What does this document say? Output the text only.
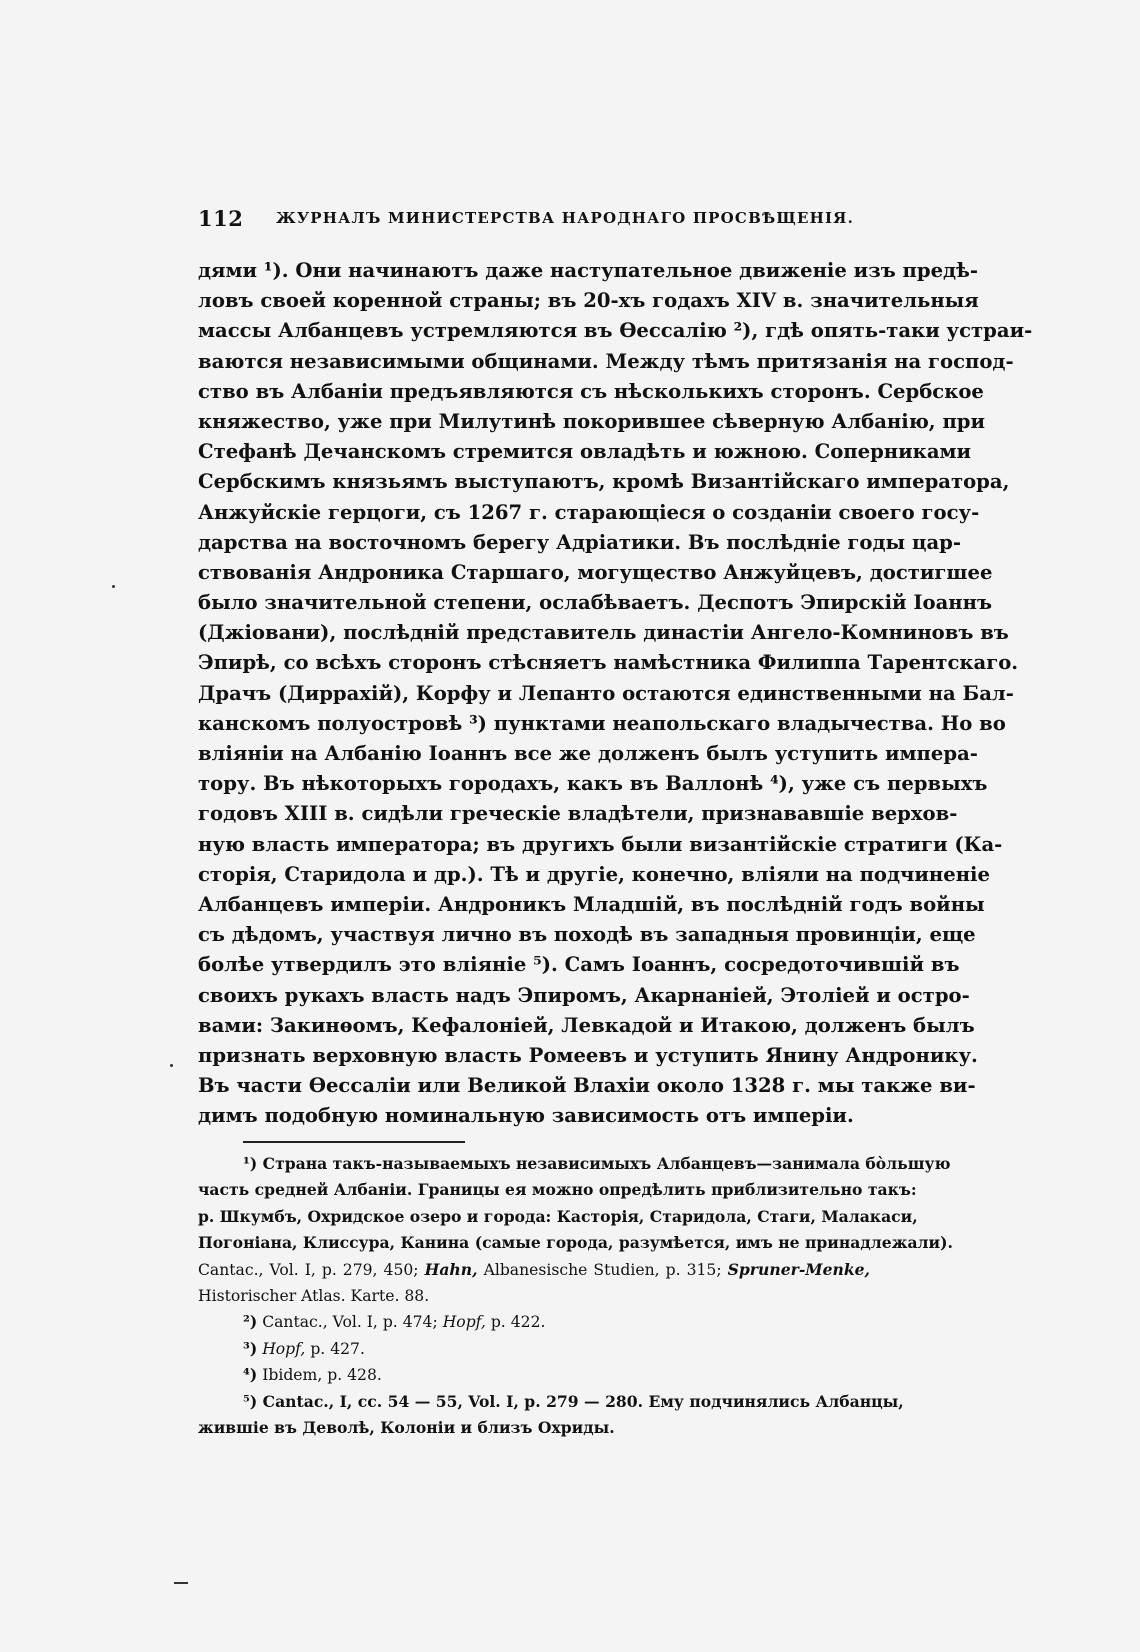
112 ЖУРНАЛЪ МИНИСТЕРСТВА НАРОДНАГО ПРОСВѢЩЕНІЯ.
дями ¹). Они начинаютъ даже наступательное движеніе изъ предѣ-
ловъ своей коренной страны; въ 20-хъ годахъ XIV в. значительныя
массы Албанцевъ устремляются въ Ѳессалію ²), гдѣ опять-таки устраи-
ваются независимыми общинами. Между тѣмъ притязанія на господ-
ство въ Албаніи предъявляются съ нѣсколькихъ сторонъ. Сербское
княжество, уже при Милутинѣ покорившее сѣверную Албанію, при
Стефанѣ Дечанскомъ стремится овладѣть и южною. Соперниками
Сербскимъ князьямъ выступаютъ, кромѣ Византійскаго императора,
Анжуйскіе герцоги, съ 1267 г. старающіеся о созданіи своего госу-
дарства на восточномъ берегу Адріатики. Въ послѣдніе годы цар-
ствованія Андроника Старшаго, могущество Анжуйцевъ, достигшее
было значительной степени, ослабѣваетъ. Деспотъ Эпирскій Іоаннъ
(Джіовани), послѣдній представитель династіи Ангело-Комниновъ въ
Эпирѣ, со всѣхъ сторонъ стѣсняетъ намѣстника Филиппа Тарентскаго.
Драчъ (Диррахій), Корфу и Лепанто остаются единственными на Бал-
канскомъ полуостровѣ ³) пунктами неапольскаго владычества. Но во
вліяніи на Албанію Іоаннъ все же долженъ былъ уступить импера-
тору. Въ нѣкоторыхъ городахъ, какъ въ Валлонѣ ⁴), уже съ первыхъ
годовъ XIII в. сидѣли греческіе владѣтели, признававшіе верхов-
ную власть императора; въ другихъ были византійскіе стратиги (Ка-
сторія, Старидола и др.). Тѣ и другіе, конечно, вліяли на подчиненіе
Албанцевъ имперіи. Андроникъ Младшій, въ послѣдній годъ войны
съ дѣдомъ, участвуя лично въ походѣ въ западныя провинціи, еще
болѣе утвердилъ это вліяніе ⁵). Самъ Іоаннъ, сосредоточившій въ
своихъ рукахъ власть надъ Эпиромъ, Акарнаніей, Этоліей и остро-
вами: Закинѳомъ, Кефалоніей, Левкадой и Итакою, долженъ былъ
признать верховную власть Ромеевъ и уступить Янину Андронику.
Въ части Ѳессаліи или Великой Влахіи около 1328 г. мы также ви-
димъ подобную номинальную зависимость отъ имперіи.
¹) Страна такъ-называемыхъ независимыхъ Албанцевъ—занимала бо̀льшую
часть средней Албаніи. Границы ея можно опредѣлить приблизительно такъ:
р. Шкумбъ, Охридское озеро и города: Касторія, Старидола, Стаги, Малакаси,
Погоніана, Клиссура, Канина (самые города, разумѣется, имъ не принадлежали).
Cantac., Vol. I, p. 279, 450; Hahn, Albanesische Studien, p. 315; Spruner-Menke,
Historischer Atlas. Karte. 88.
²) Cantac., Vol. I, p. 474; Hopf, p. 422.
³) Hopf, p. 427.
⁴) Ibidem, p. 428.
⁵) Cantac., I, cc. 54 — 55, Vol. I, p. 279 — 280. Ему подчинялись Албанцы,
жившіе въ Деволѣ, Колоніи и близъ Охриды.
